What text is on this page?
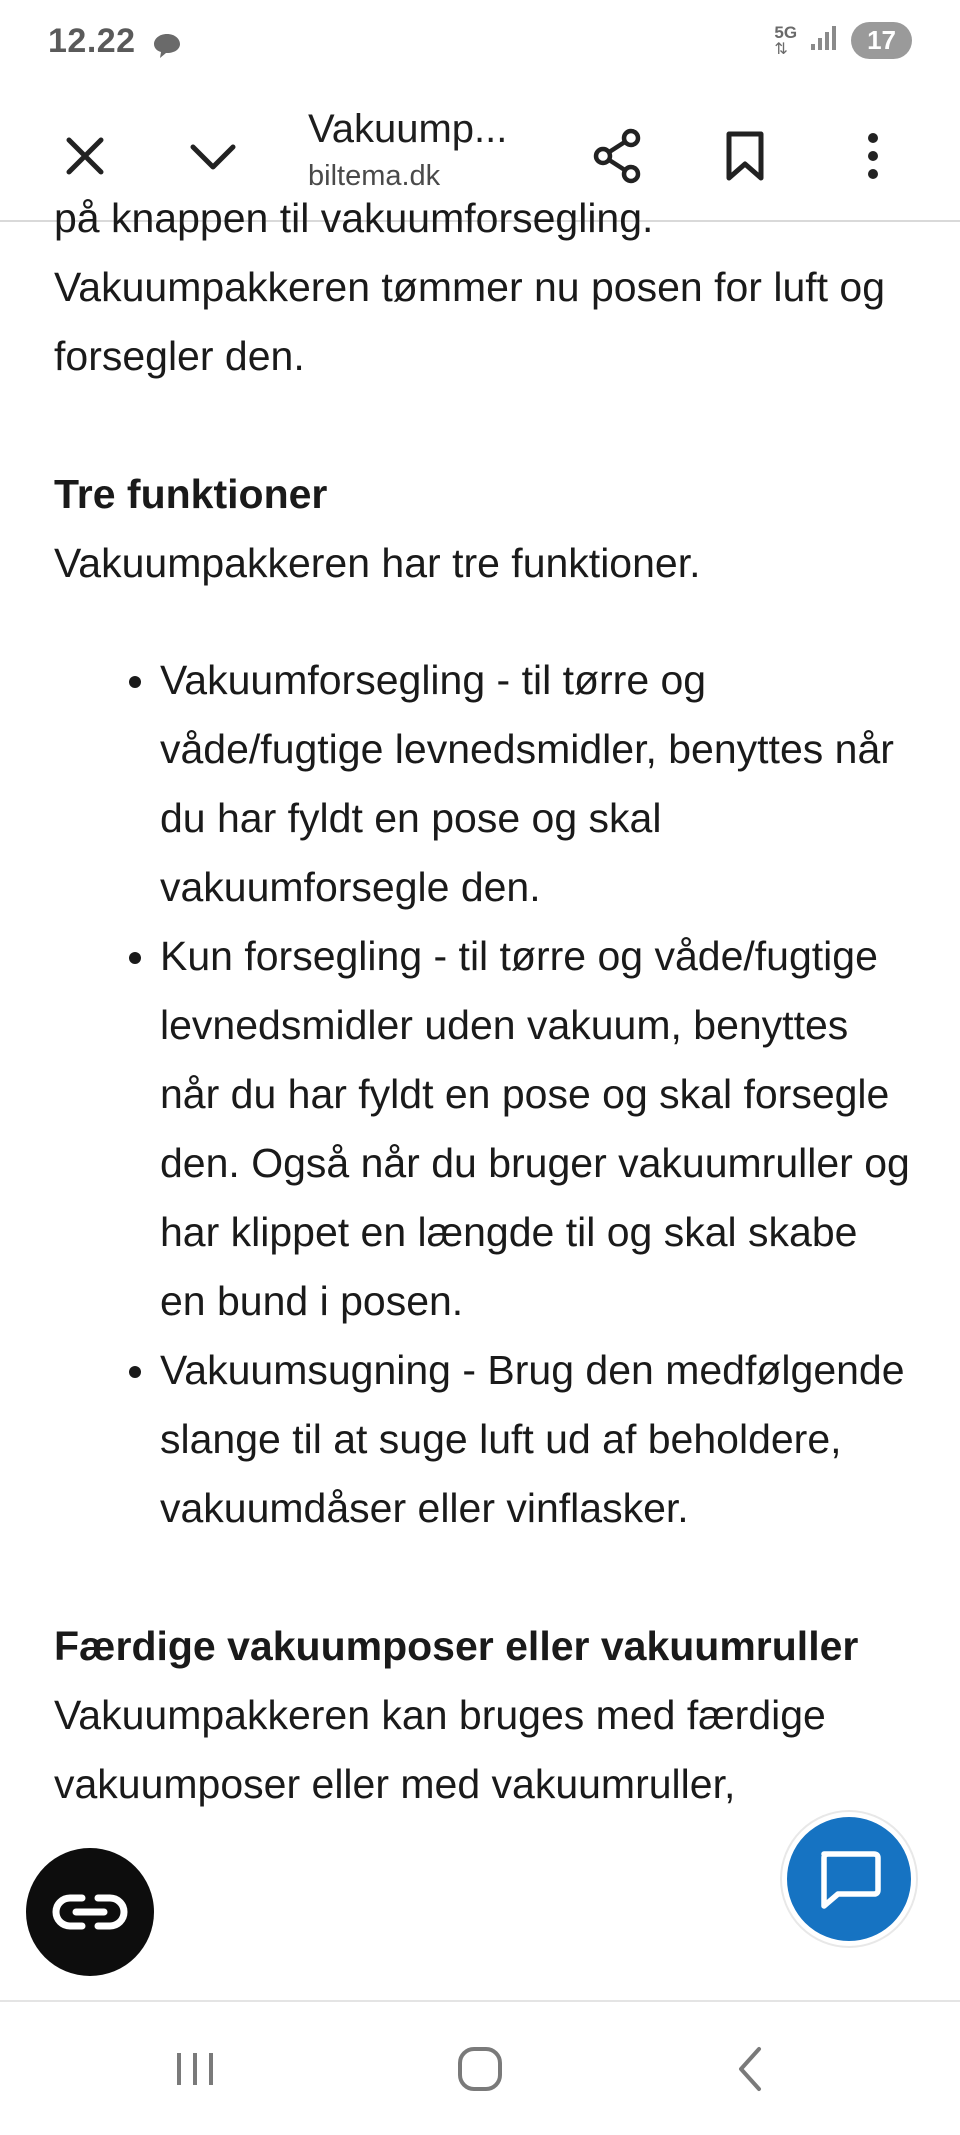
12.22	5G
⇅	17
Vakuump...
biltema.dk

på knappen til vakuumforsegling.

Vakuumpakkeren tømmer nu posen for luft og forsegler den.

Tre funktioner

Vakuumpakkeren har tre funktioner.

• Vakuumforsegling - til tørre og våde/fugtige levnedsmidler, benyttes når du har fyldt en pose og skal vakuumforsegle den.
• Kun forsegling - til tørre og våde/fugtige levnedsmidler uden vakuum, benyttes når du har fyldt en pose og skal forsegle den. Også når du bruger vakuumruller og har klippet en længde til og skal skabe en bund i posen.
• Vakuumsugning - Brug den medfølgende slange til at suge luft ud af beholdere, vakuumdåser eller vinflasker.
Færdige vakuumposer eller vakuumruller

Vakuumpakkeren kan bruges med færdige vakuumposer eller med vakuumruller,
